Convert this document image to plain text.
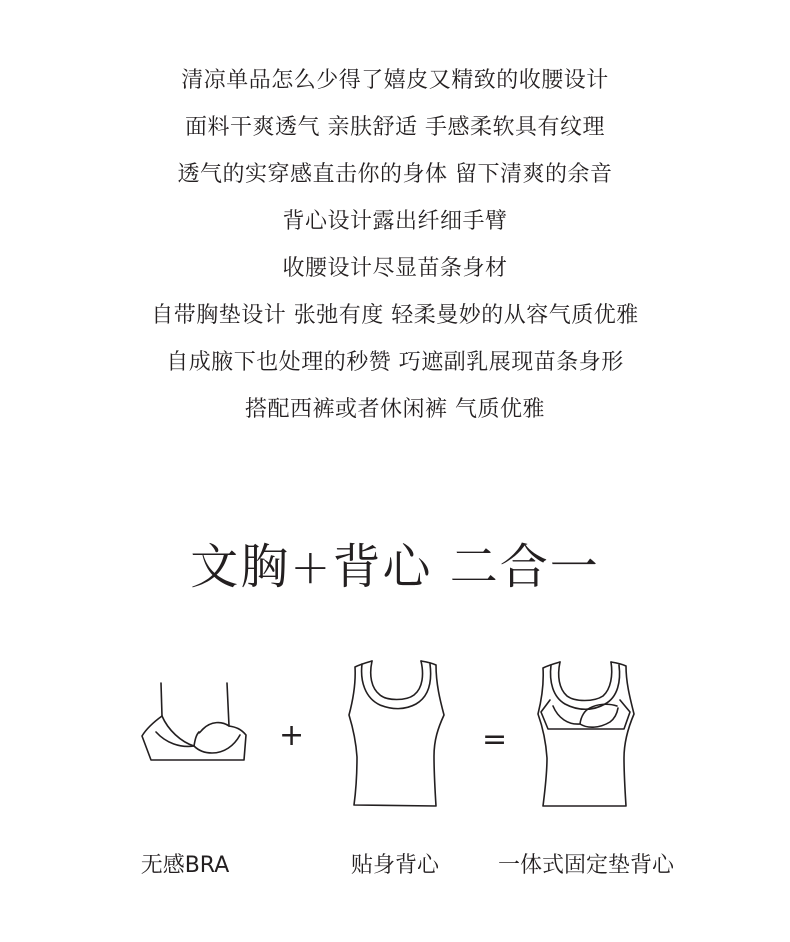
清凉单品怎么少得了嬉皮又精致的收腰设计
面料干爽透气 亲肤舒适 手感柔软具有纹理
透气的实穿感直击你的身体 留下清爽的余音
背心设计露出纤细手臂
收腰设计尽显苗条身材
自带胸垫设计 张弛有度 轻柔曼妙的从容气质优雅
自成腋下也处理的秒赞 巧遮副乳展现苗条身形
搭配西裤或者休闲裤 气质优雅
文胸+背心 二合一
+	=
无感BRA	贴身背心	一体式固定垫背心
